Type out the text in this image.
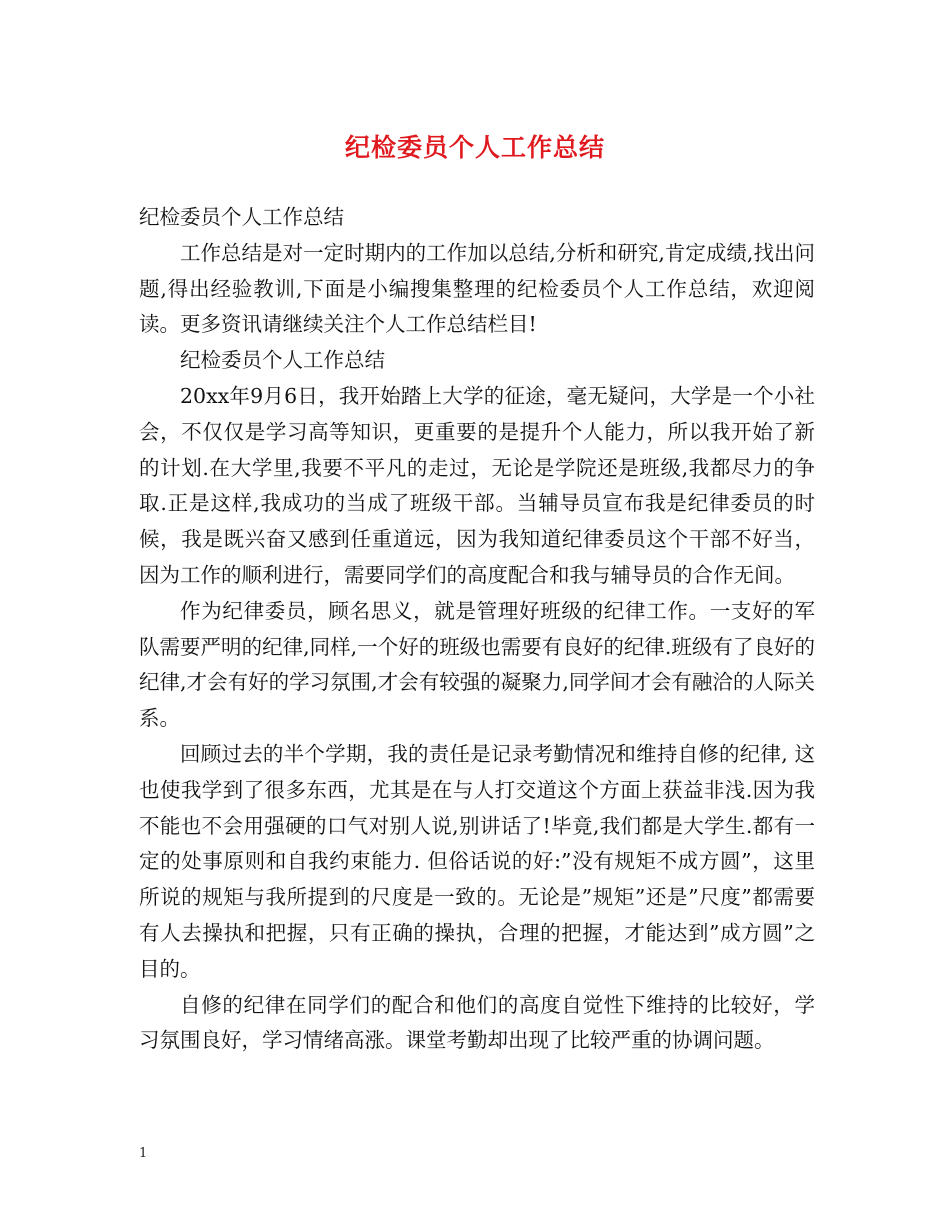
纪检委员个人工作总结

纪检委员个人工作总结

工作总结是对一定时期内的工作加以总结,分析和研究,肯定成绩,找出问题,得出经验教训,下面是小编搜集整理的纪检委员个人工作总结，欢迎阅读。更多资讯请继续关注个人工作总结栏目!

纪检委员个人工作总结

20xx年9月6日，我开始踏上大学的征途，毫无疑问，大学是一个小社会，不仅仅是学习高等知识，更重要的是提升个人能力，所以我开始了新的计划.在大学里,我要不平凡的走过，无论是学院还是班级,我都尽力的争取.正是这样,我成功的当成了班级干部。当辅导员宣布我是纪律委员的时候，我是既兴奋又感到任重道远，因为我知道纪律委员这个干部不好当，因为工作的顺利进行，需要同学们的高度配合和我与辅导员的合作无间。

作为纪律委员，顾名思义，就是管理好班级的纪律工作。一支好的军队需要严明的纪律,同样,一个好的班级也需要有良好的纪律.班级有了良好的纪律,才会有好的学习氛围,才会有较强的凝聚力,同学间才会有融洽的人际关系。

回顾过去的半个学期，我的责任是记录考勤情况和维持自修的纪律, 这也使我学到了很多东西，尤其是在与人打交道这个方面上获益非浅.因为我不能也不会用强硬的口气对别人说,别讲话了!毕竟,我们都是大学生.都有一定的处事原则和自我约束能力. 但俗话说的好:”没有规矩不成方圆”，这里所说的规矩与我所提到的尺度是一致的。无论是”规矩”还是”尺度”都需要有人去操执和把握，只有正确的操执，合理的把握，才能达到”成方圆”之目的。

自修的纪律在同学们的配合和他们的高度自觉性下维持的比较好，学习氛围良好，学习情绪高涨。课堂考勤却出现了比较严重的协调问题。

1
